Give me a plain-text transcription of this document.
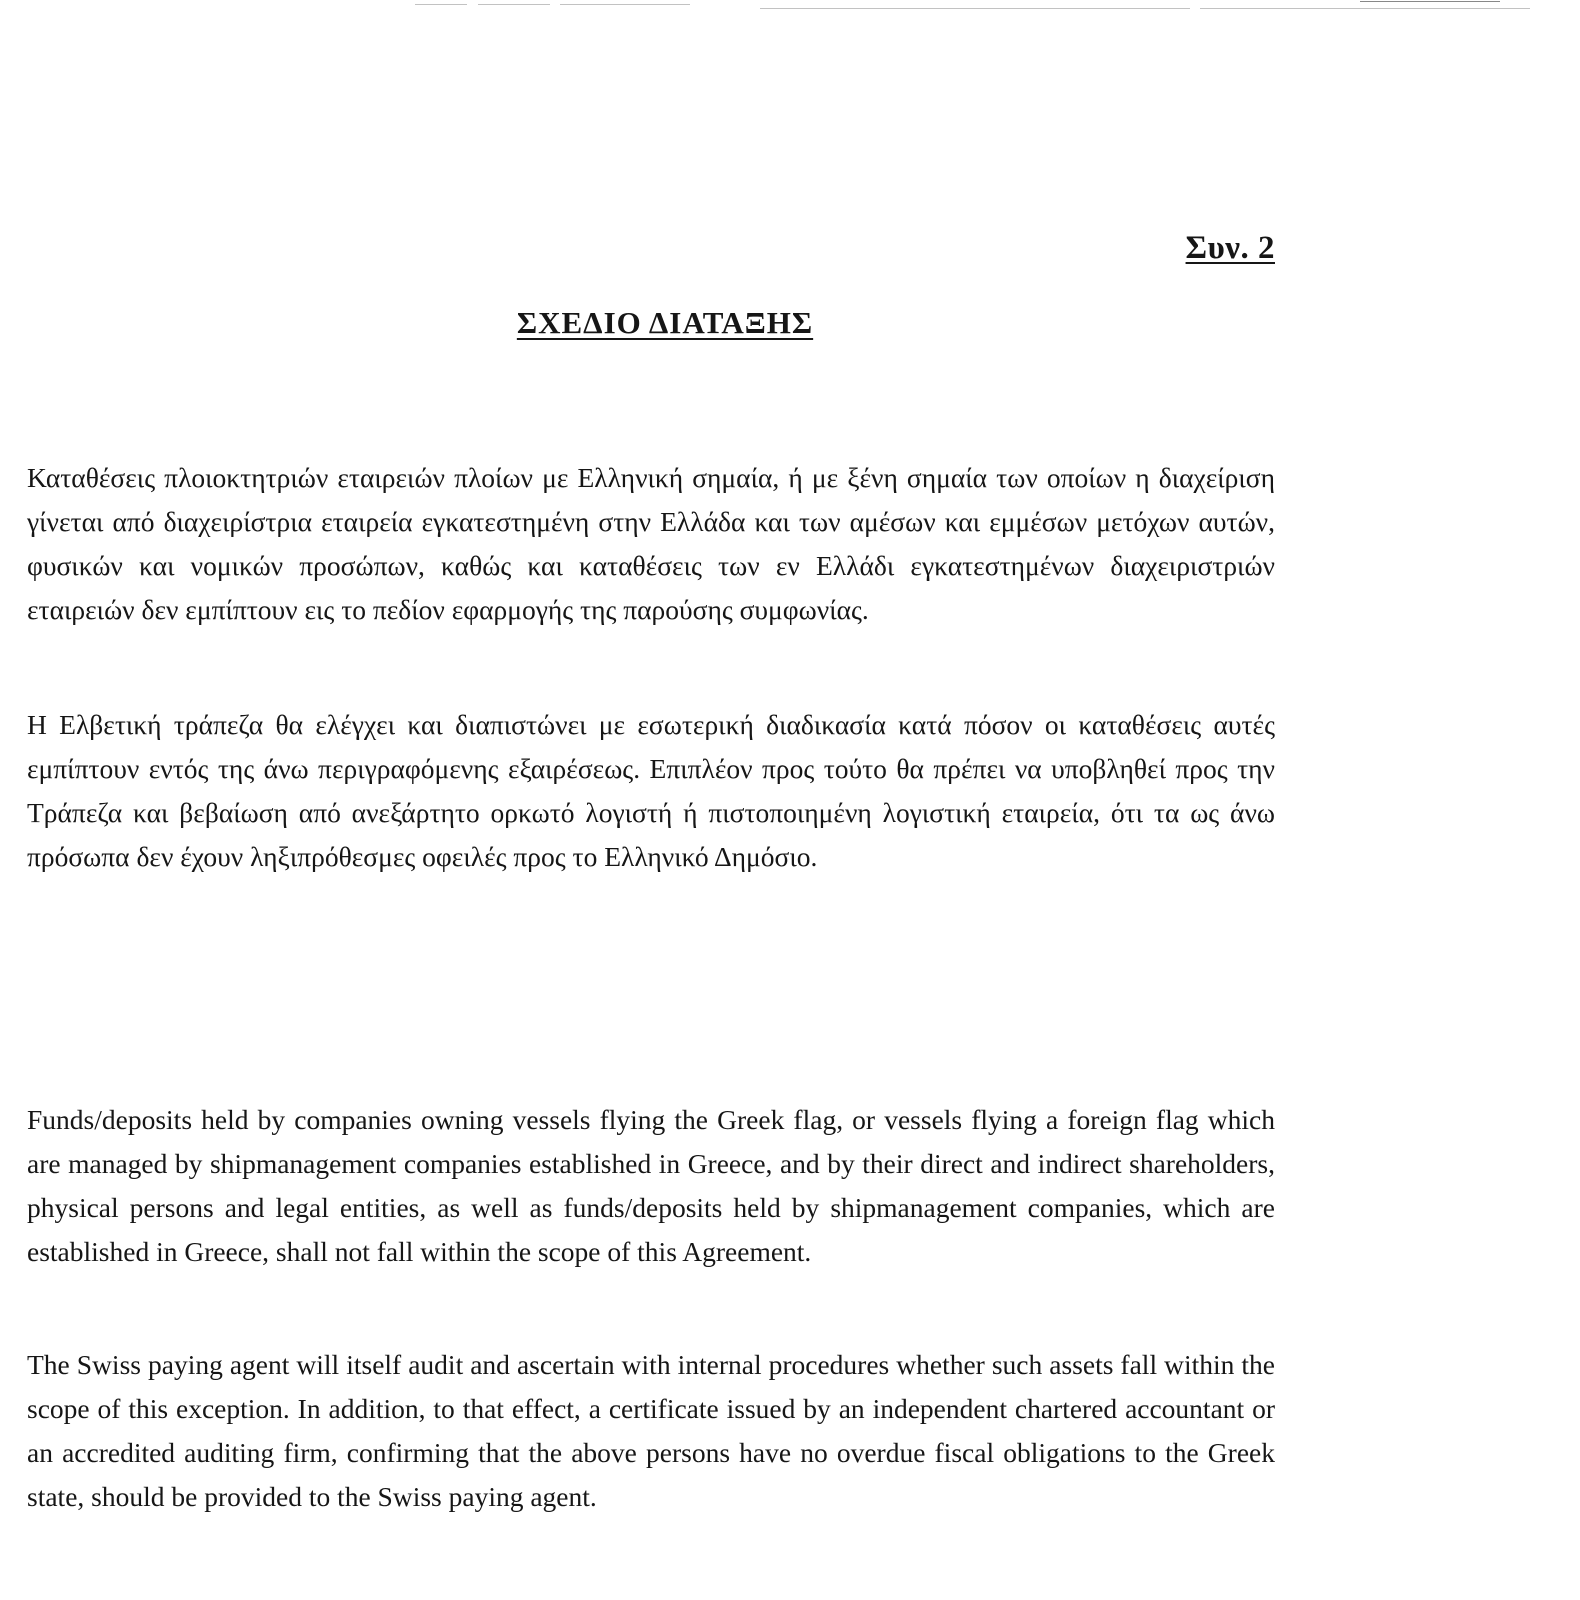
Συν. 2
ΣΧΕΔΙΟ ΔΙΑΤΑΞΗΣ

Καταθέσεις πλοιοκτητριών εταιρειών πλοίων με Ελληνική σημαία, ή με ξένη σημαία των οποίων η διαχείριση γίνεται από διαχειρίστρια εταιρεία εγκατεστημένη στην Ελλάδα και των αμέσων και εμμέσων μετόχων αυτών, φυσικών και νομικών προσώπων, καθώς και καταθέσεις των εν Ελλάδι εγκατεστημένων διαχειριστριών εταιρειών δεν εμπίπτουν εις το πεδίον εφαρμογής της παρούσης συμφωνίας.

Η Ελβετική τράπεζα θα ελέγχει και διαπιστώνει με εσωτερική διαδικασία κατά πόσον οι καταθέσεις αυτές εμπίπτουν εντός της άνω περιγραφόμενης εξαιρέσεως. Επιπλέον προς τούτο θα πρέπει να υποβληθεί προς την Τράπεζα και βεβαίωση από ανεξάρτητο ορκωτό λογιστή ή πιστοποιημένη λογιστική εταιρεία, ότι τα ως άνω πρόσωπα δεν έχουν ληξιπρόθεσμες οφειλές προς το Ελληνικό Δημόσιο.

Funds/deposits held by companies owning vessels flying the Greek flag, or vessels flying a foreign flag which are managed by shipmanagement companies established in Greece, and by their direct and indirect shareholders, physical persons and legal entities, as well as funds/deposits held by shipmanagement companies, which are established in Greece, shall not fall within the scope of this Agreement.

The Swiss paying agent will itself audit and ascertain with internal procedures whether such assets fall within the scope of this exception. In addition, to that effect, a certificate issued by an independent chartered accountant or an accredited auditing firm, confirming that the above persons have no overdue fiscal obligations to the Greek state, should be provided to the Swiss paying agent.
